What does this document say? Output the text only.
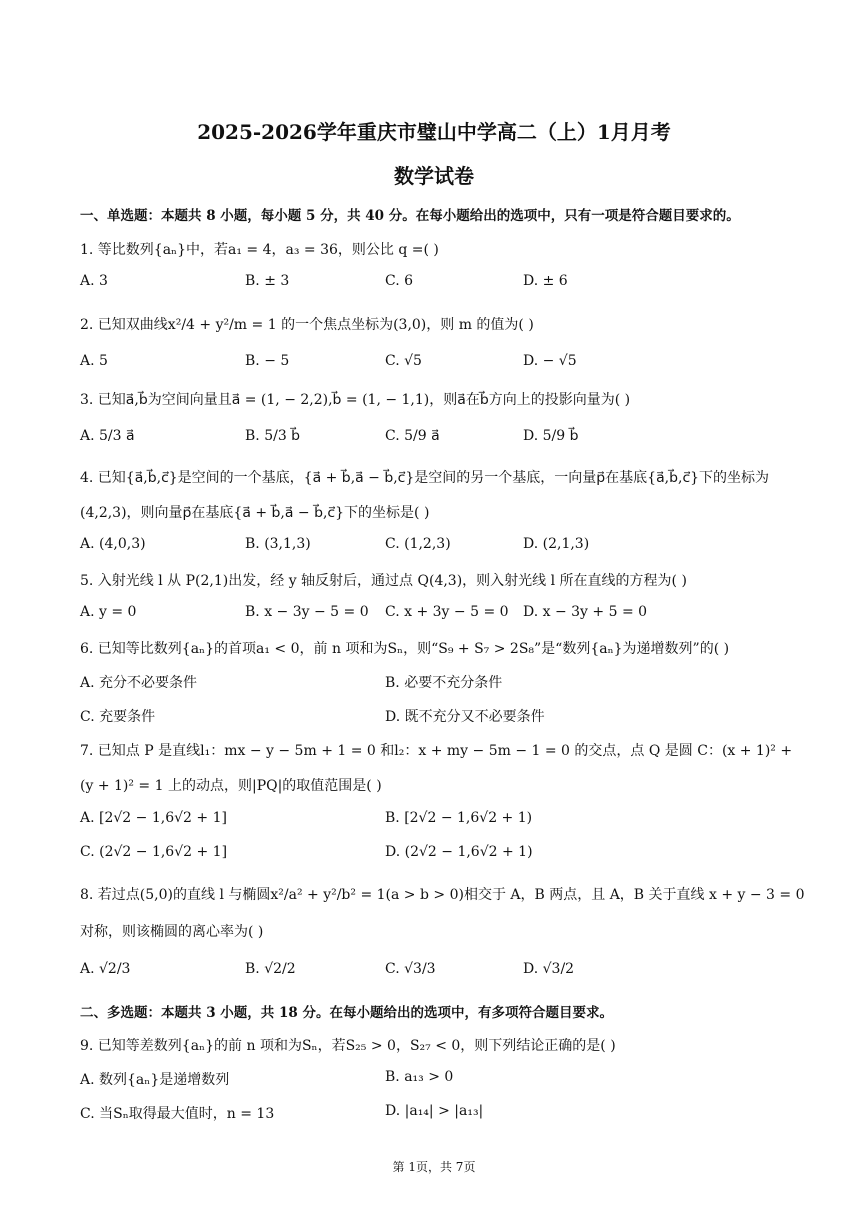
2025-2026学年重庆市璧山中学高二（上）1月月考
数学试卷
一、单选题：本题共 8 小题，每小题 5 分，共 40 分。在每小题给出的选项中，只有一项是符合题目要求的。
1. 等比数列{aₙ}中，若a₁ = 4，a₃ = 36，则公比 q =( )
A. 3	B. ± 3	C. 6	D. ± 6
2. 已知双曲线x²/4 + y²/m = 1 的一个焦点坐标为(3,0)，则 m 的值为( )
A. 5	B. − 5	C. √5	D. − √5
3. 已知a⃗,b⃗为空间向量且a⃗ = (1, − 2,2),b⃗ = (1, − 1,1)，则a⃗在b⃗方向上的投影向量为( )
A. 5/3 a⃗	B. 5/3 b⃗	C. 5/9 a⃗	D. 5/9 b⃗
4. 已知{a⃗,b⃗,c⃗}是空间的一个基底，{a⃗ + b⃗,a⃗ − b⃗,c⃗}是空间的另一个基底，一向量p⃗在基底{a⃗,b⃗,c⃗}下的坐标为
(4,2,3)，则向量p⃗在基底{a⃗ + b⃗,a⃗ − b⃗,c⃗}下的坐标是( )
A. (4,0,3)	B. (3,1,3)	C. (1,2,3)	D. (2,1,3)
5. 入射光线 l 从 P(2,1)出发，经 y 轴反射后，通过点 Q(4,3)，则入射光线 l 所在直线的方程为( )
A. y = 0	B. x − 3y − 5 = 0 C. x + 3y − 5 = 0 D. x − 3y + 5 = 0
6. 已知等比数列{aₙ}的首项a₁ < 0，前 n 项和为Sₙ，则“S₉ + S₇ > 2S₈”是“数列{aₙ}为递增数列”的( )
A. 充分不必要条件	B. 必要不充分条件
C. 充要条件	D. 既不充分又不必要条件
7. 已知点 P 是直线l₁：mx − y − 5m + 1 = 0 和l₂：x + my − 5m − 1 = 0 的交点，点 Q 是圆 C：(x + 1)² +
(y + 1)² = 1 上的动点，则|PQ|的取值范围是( )
A. [2√2 − 1,6√2 + 1]	B. [2√2 − 1,6√2 + 1)
C. (2√2 − 1,6√2 + 1]	D. (2√2 − 1,6√2 + 1)
8. 若过点(5,0)的直线 l 与椭圆x²/a² + y²/b² = 1(a > b > 0)相交于 A，B 两点，且 A，B 关于直线 x + y − 3 = 0
对称，则该椭圆的离心率为( )
A. √2/3	B. √2/2	C. √3/3	D. √3/2
二、多选题：本题共 3 小题，共 18 分。在每小题给出的选项中，有多项符合题目要求。
9. 已知等差数列{aₙ}的前 n 项和为Sₙ，若S₂₅ > 0，S₂₇ < 0，则下列结论正确的是( )
A. 数列{aₙ}是递增数列	B. a₁₃ > 0
C. 当Sₙ取得最大值时，n = 13	D. |a₁₄| > |a₁₃|
第 1页，共 7页
